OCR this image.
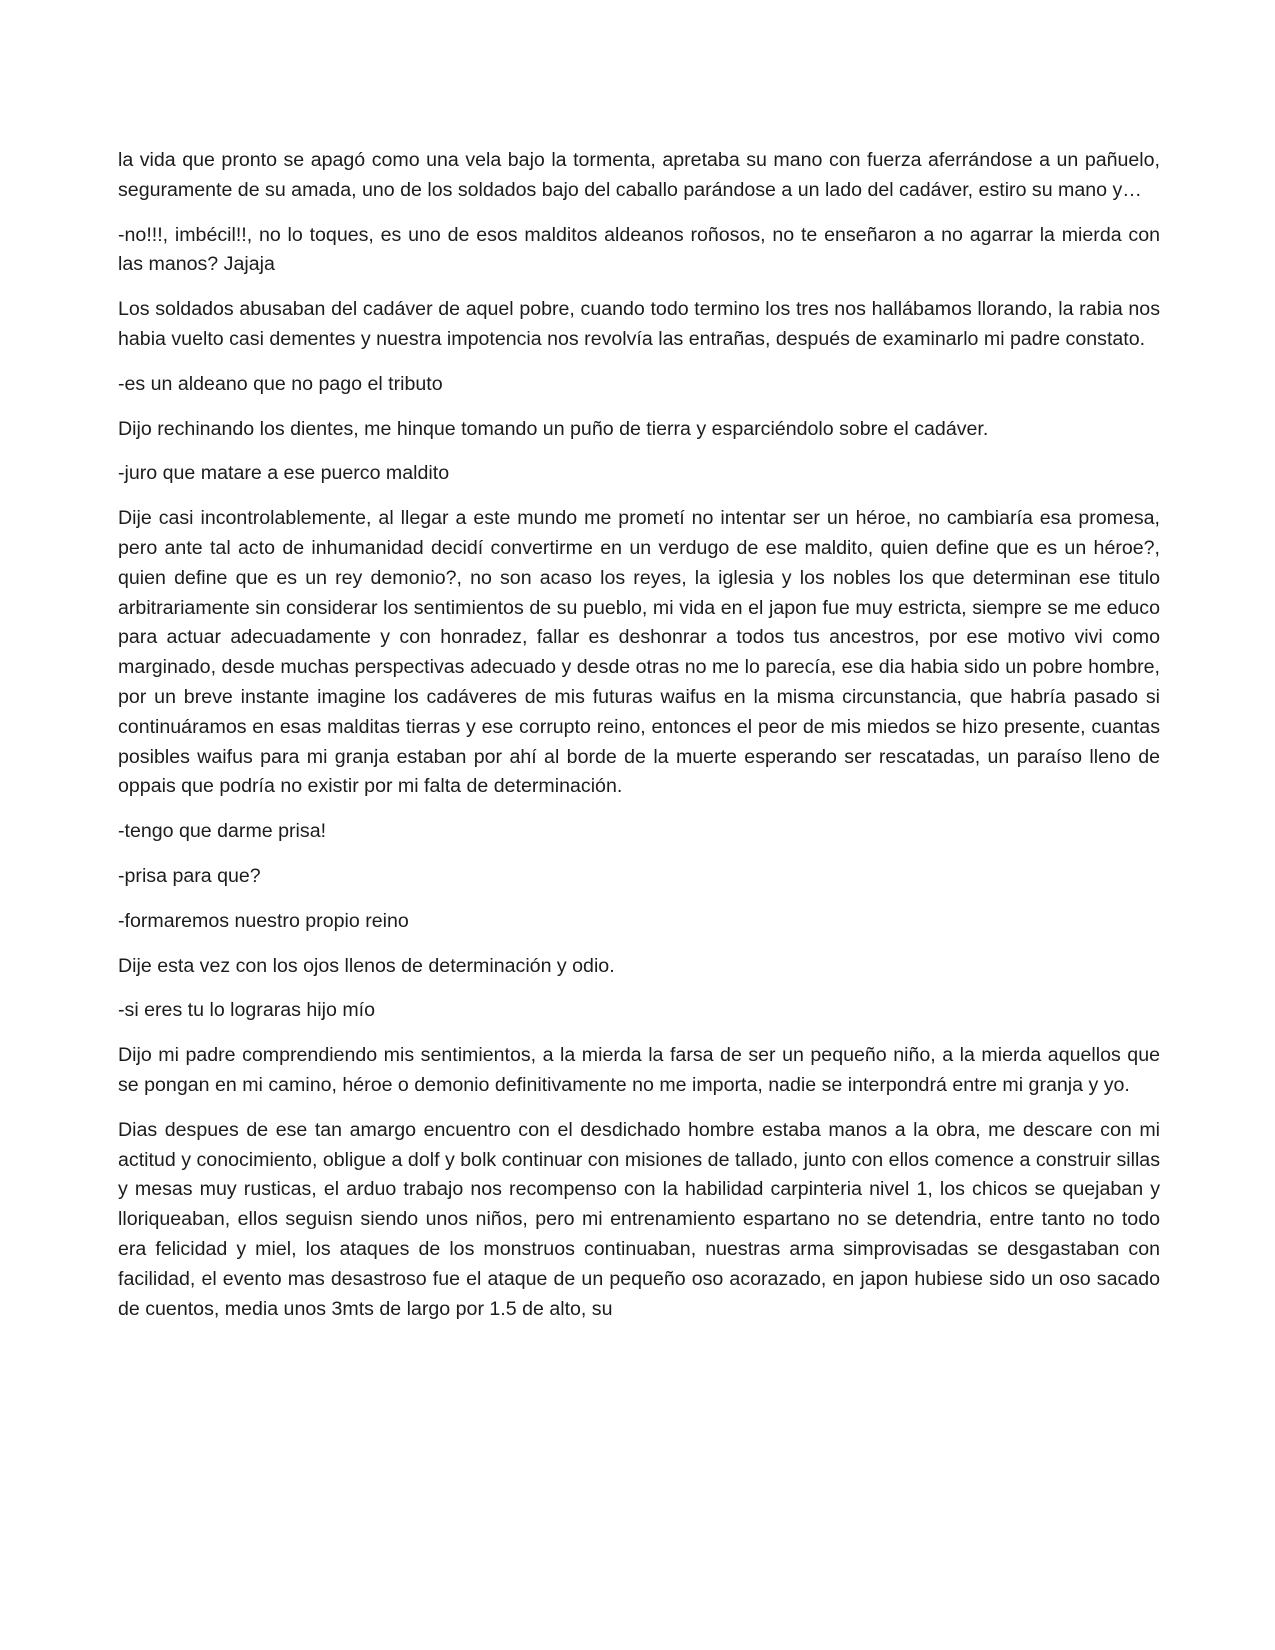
la vida que pronto se apagó como una vela bajo la tormenta, apretaba su mano con fuerza aferrándose a un pañuelo, seguramente de su amada, uno de los soldados bajo del caballo parándose a un lado del cadáver, estiro su mano y…

-no!!!, imbécil!!, no lo toques, es uno de esos malditos aldeanos roñosos, no te enseñaron a no agarrar la mierda con las manos? Jajaja

Los soldados abusaban del cadáver de aquel pobre, cuando todo termino los tres nos hallábamos llorando, la rabia nos habia vuelto casi dementes y nuestra impotencia nos revolvía las entrañas, después de examinarlo mi padre constato.

-es un aldeano que no pago el tributo

Dijo rechinando los dientes, me hinque tomando un puño de tierra y esparciéndolo sobre el cadáver.

-juro que matare a ese puerco maldito

Dije casi incontrolablemente, al llegar a este mundo me prometí no intentar ser un héroe, no cambiaría esa promesa, pero ante tal acto de inhumanidad decidí convertirme en un verdugo de ese maldito, quien define que es un héroe?, quien define que es un rey demonio?, no son acaso los reyes, la iglesia y los nobles los que determinan ese titulo arbitrariamente sin considerar los sentimientos de su pueblo, mi vida en el japon fue muy estricta, siempre se me educo para actuar adecuadamente y con honradez, fallar es deshonrar a todos tus ancestros, por ese motivo vivi como marginado, desde muchas perspectivas adecuado y desde otras no me lo parecía, ese dia habia sido un pobre hombre, por un breve instante imagine los cadáveres de mis futuras waifus en la misma circunstancia, que habría pasado si continuáramos en esas malditas tierras y ese corrupto reino, entonces el peor de mis miedos se hizo presente, cuantas posibles waifus para mi granja estaban por ahí al borde de la muerte esperando ser rescatadas, un paraíso lleno de oppais que podría no existir por mi falta de determinación.

-tengo que darme prisa!

-prisa para que?

-formaremos nuestro propio reino

Dije esta vez con los ojos llenos de determinación y odio.

-si eres tu lo lograras hijo mío

Dijo mi padre comprendiendo mis sentimientos, a la mierda la farsa de ser un pequeño niño, a la mierda aquellos que se pongan en mi camino, héroe o demonio definitivamente no me importa, nadie se interpondrá entre mi granja y yo.

Dias despues de ese tan amargo encuentro con el desdichado hombre estaba manos a la obra, me descare con mi actitud y conocimiento, obligue a dolf y bolk continuar con misiones de tallado, junto con ellos comence a construir sillas y mesas muy rusticas, el arduo trabajo nos recompenso con la habilidad carpinteria nivel 1, los chicos se quejaban y lloriqueaban, ellos seguisn siendo unos niños, pero mi entrenamiento espartano no se detendria, entre tanto no todo era felicidad y miel, los ataques de los monstruos continuaban, nuestras arma simprovisadas se desgastaban con facilidad, el evento mas desastroso fue el ataque de un pequeño oso acorazado, en japon hubiese sido un oso sacado de cuentos, media unos 3mts de largo por 1.5 de alto, su
